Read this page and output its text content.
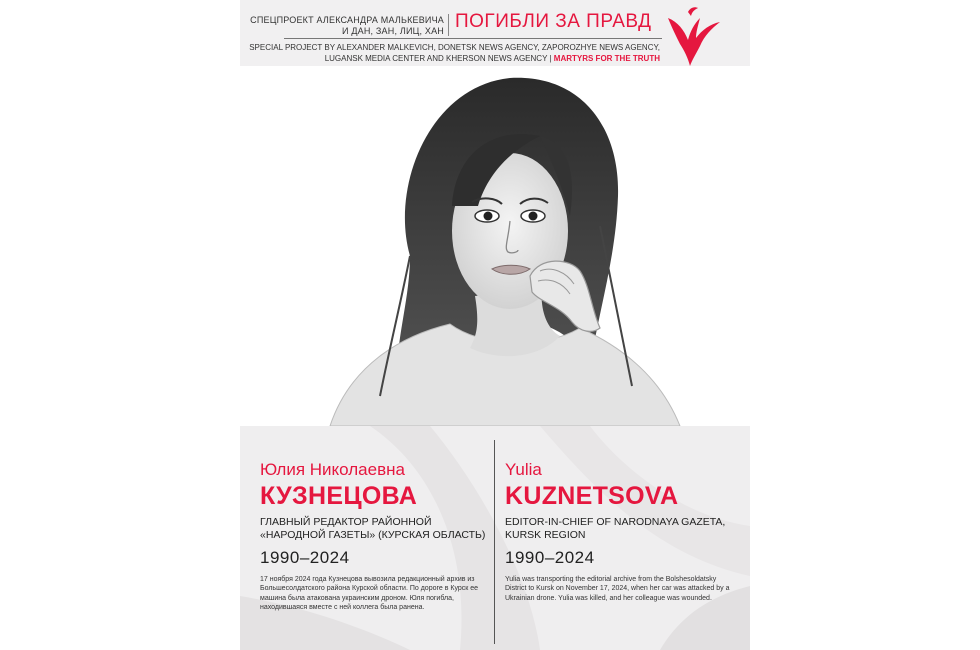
СПЕЦПРОЕКТ АЛЕКСАНДРА МАЛЬКЕВИЧА
И ДАН, ЗАН, ЛИЦ, ХАН ПОГИБЛИ ЗА ПРАВД
SPECIAL PROJECT BY ALEXANDER MALKEVICH, DONETSK NEWS AGENCY, ZAPOROZHYE NEWS AGENCY,
LUGANSK MEDIA CENTER AND KHERSON NEWS AGENCY | MARTYRS FOR THE TRUTH
Юлия Николаевна
КУЗНЕЦОВА
ГЛАВНЫЙ РЕДАКТОР РАЙОННОЙ «НАРОДНОЙ ГАЗЕТЫ» (КУРСКАЯ ОБЛАСТЬ)
1990–2024
17 ноября 2024 года Кузнецова вывозила редакционный архив из Большесолдатского района Курской области. По дороге в Курск ее машина была атакована украинским дроном. Юля погибла, находившаяся вместе с ней коллега была ранена.
Yulia
KUZNETSOVA
EDITOR-IN-CHIEF OF NARODNAYA GAZETA, KURSK REGION
1990–2024
Yulia was transporting the editorial archive from the Bolshesoldatsky District to Kursk on November 17, 2024, when her car was attacked by a Ukrainian drone. Yulia was killed, and her colleague was wounded.
